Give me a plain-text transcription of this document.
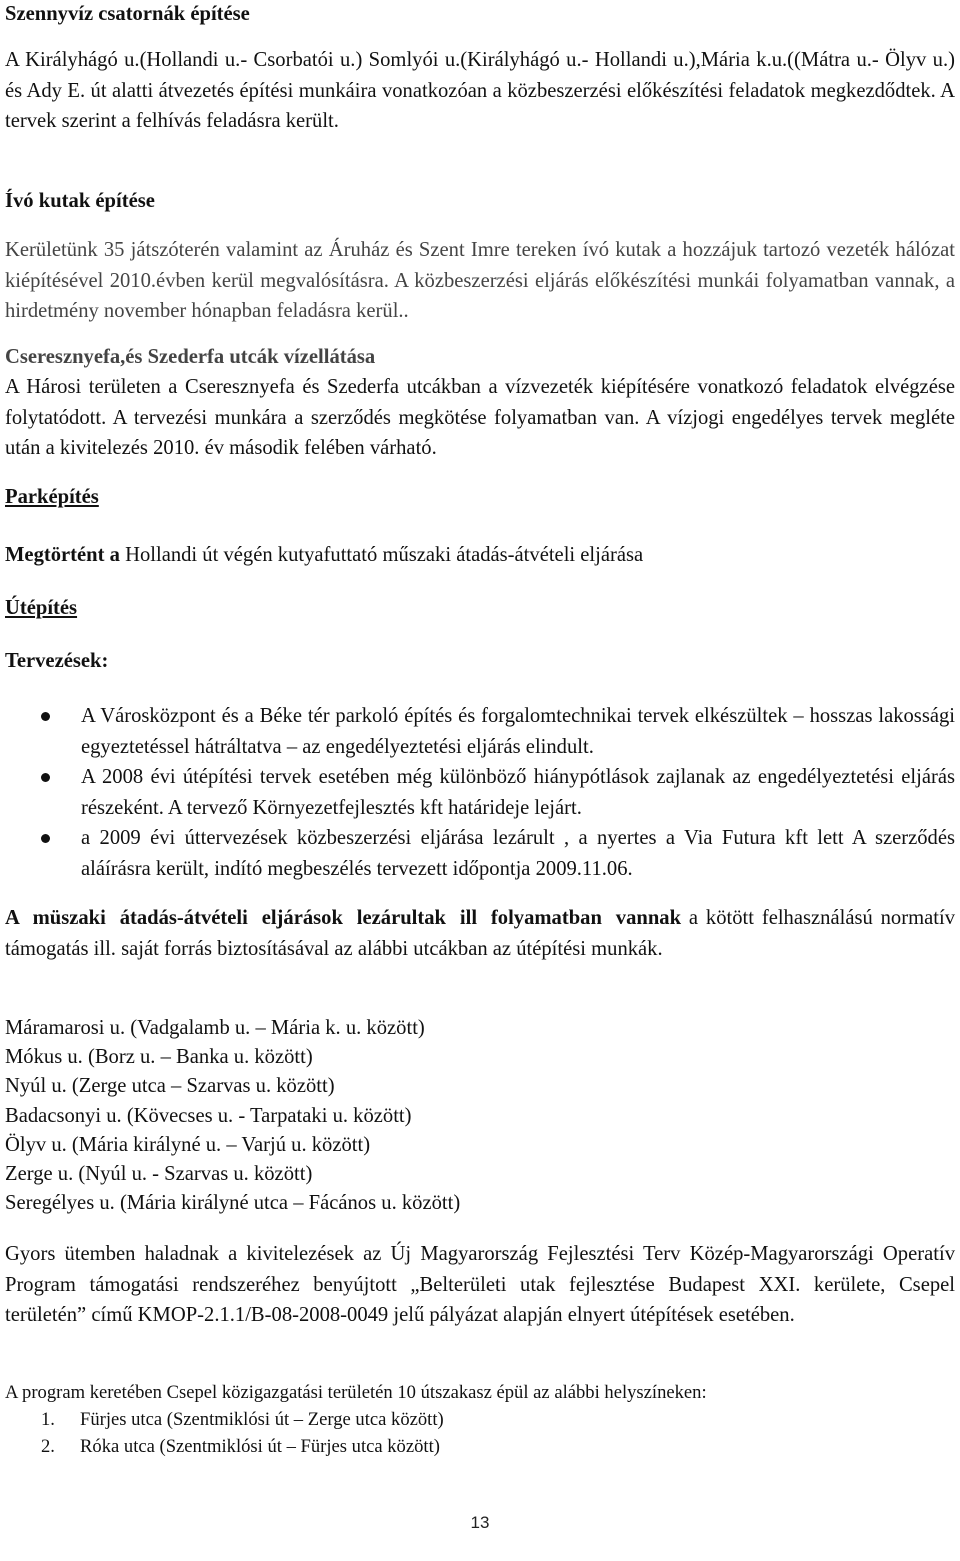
Szennyvíz csatornák építése

A Királyhágó u.(Hollandi u.- Csorbatói u.) Somlyói u.(Királyhágó u.- Hollandi u.),Mária k.u.((Mátra u.- Ölyv u.) és Ady E. út alatti átvezetés építési munkáira vonatkozóan a közbeszerzési előkészítési feladatok megkezdődtek. A tervek szerint a felhívás feladásra került.

Ívó kutak építése

Kerületünk 35 játszóterén valamint az Áruház és Szent Imre tereken ívó kutak a hozzájuk tartozó vezeték hálózat kiépítésével 2010.évben kerül megvalósításra. A közbeszerzési eljárás előkészítési munkái folyamatban vannak, a hirdetmény november hónapban feladásra kerül..

Cseresznyefa,és Szederfa utcák vízellátása

A Hárosi területen a Cseresznyefa és Szederfa utcákban a vízvezeték kiépítésére vonatkozó feladatok elvégzése folytatódott. A tervezési munkára a szerződés megkötése folyamatban van. A vízjogi engedélyes tervek megléte után a kivitelezés 2010. év második felében várható.

Parképítés

Megtörtént a Hollandi út végén kutyafuttató műszaki átadás-átvételi eljárása

Útépítés

Tervezések:

A Városközpont és a Béke tér parkoló építés és forgalomtechnikai tervek elkészültek – hosszas lakossági egyeztetéssel hátráltatva – az engedélyeztetési eljárás elindult.
A 2008 évi útépítési tervek esetében még különböző hiánypótlások zajlanak az engedélyeztetési eljárás részeként. A tervező Környezetfejlesztés kft határideje lejárt.
a 2009 évi úttervezések közbeszerzési eljárása lezárult , a nyertes a Via Futura kft lett A szerződés aláírásra került, indító megbeszélés tervezett időpontja 2009.11.06.

A müszaki átadás-átvételi eljárások lezárultak ill folyamatban vannak a kötött felhasználású normatív támogatás ill. saját forrás biztosításával az alábbi utcákban az útépítési munkák.

Máramarosi u. (Vadgalamb u. – Mária k. u. között)

Mókus u. (Borz u. – Banka u. között)

Nyúl u. (Zerge utca – Szarvas u. között)

Badacsonyi u. (Kövecses u. - Tarpataki u. között)

Ölyv u. (Mária királyné u. – Varjú u. között)

Zerge u. (Nyúl u. - Szarvas u. között)

Seregélyes u. (Mária királyné utca – Fácános u. között)

Gyors ütemben haladnak a kivitelezések az Új Magyarország Fejlesztési Terv Közép-Magyarországi Operatív Program támogatási rendszeréhez benyújtott „Belterületi utak fejlesztése Budapest XXI. kerülete, Csepel területén” című KMOP-2.1.1/B-08-2008-0049 jelű pályázat alapján elnyert útépítések esetében.

A program keretében Csepel közigazgatási területén 10 útszakasz épül az alábbi helyszíneken:

1. Fürjes utca (Szentmiklósi út – Zerge utca között)
2. Róka utca (Szentmiklósi út – Fürjes utca között)
13
